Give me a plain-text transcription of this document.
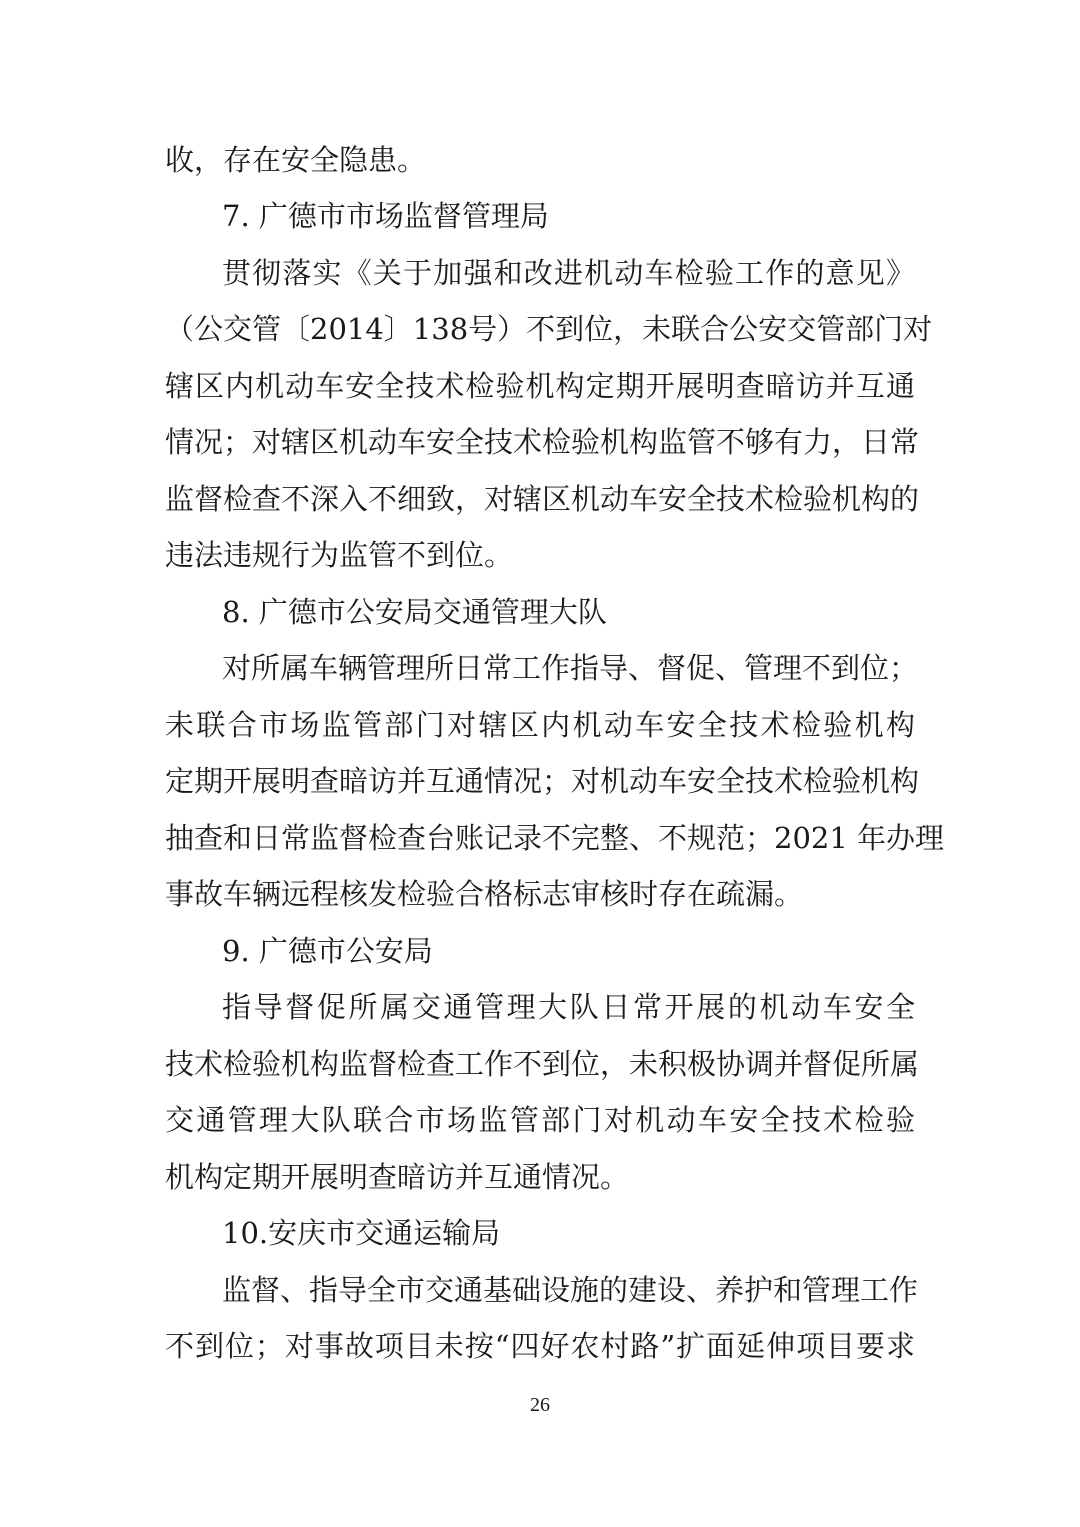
收，存在安全隐患。
7. 广德市市场监督管理局
贯彻落实《关于加强和改进机动车检验工作的意见》
（公交管〔2014〕138号）不到位，未联合公安交管部门对
辖区内机动车安全技术检验机构定期开展明查暗访并互通
情况；对辖区机动车安全技术检验机构监管不够有力，日常
监督检查不深入不细致，对辖区机动车安全技术检验机构的
违法违规行为监管不到位。
8. 广德市公安局交通管理大队
对所属车辆管理所日常工作指导、督促、管理不到位；
未联合市场监管部门对辖区内机动车安全技术检验机构
定期开展明查暗访并互通情况；对机动车安全技术检验机构
抽查和日常监督检查台账记录不完整、不规范；2021 年办理
事故车辆远程核发检验合格标志审核时存在疏漏。
9. 广德市公安局
指导督促所属交通管理大队日常开展的机动车安全
技术检验机构监督检查工作不到位，未积极协调并督促所属
交通管理大队联合市场监管部门对机动车安全技术检验
机构定期开展明查暗访并互通情况。
10.安庆市交通运输局
监督、指导全市交通基础设施的建设、养护和管理工作
不到位；对事故项目未按“四好农村路”扩面延伸项目要求
26
